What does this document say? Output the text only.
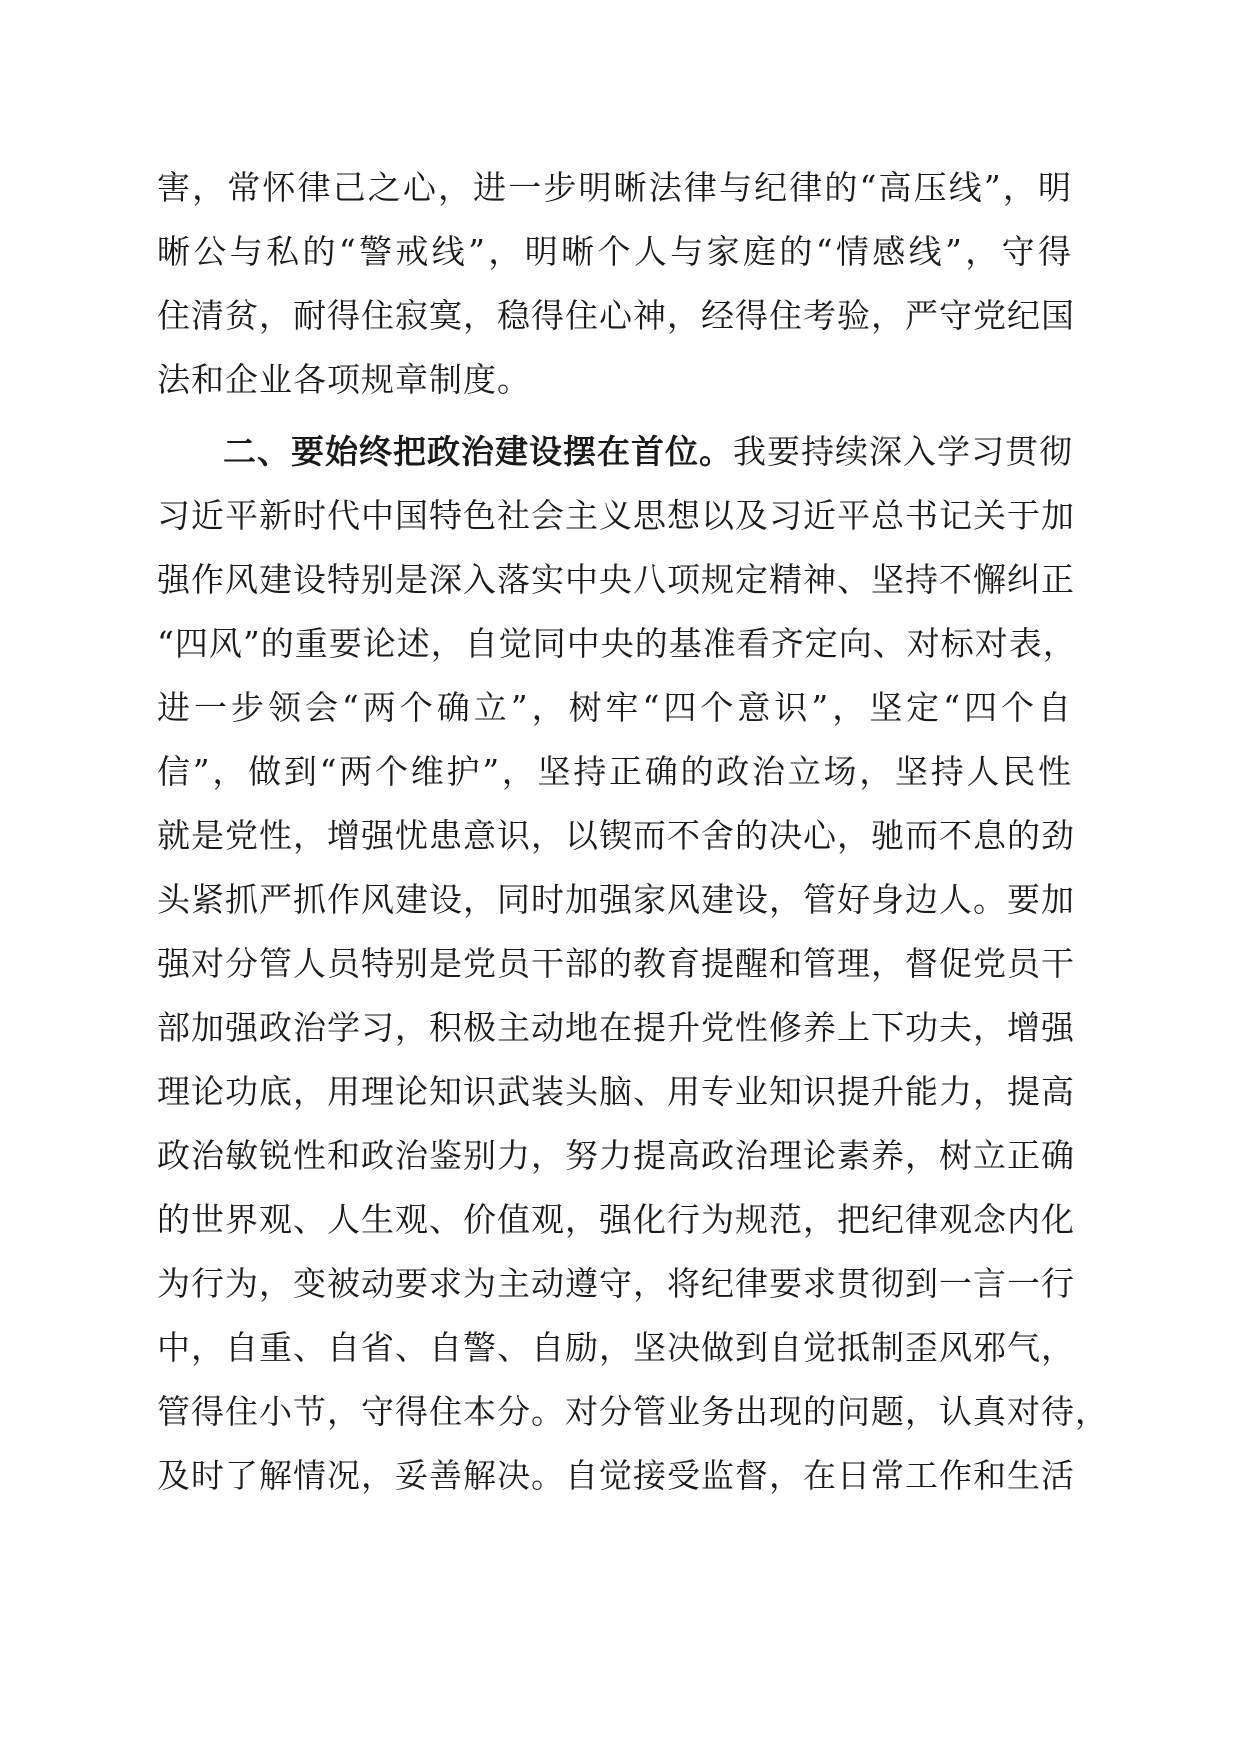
害，常怀律己之心，进一步明晰法律与纪律的“高压线”，明
晰公与私的“警戒线”，明晰个人与家庭的“情感线”，守得
住清贫，耐得住寂寞，稳得住心神，经得住考验，严守党纪国
法和企业各项规章制度。
二、要始终把政治建设摆在首位。我要持续深入学习贯彻
习近平新时代中国特色社会主义思想以及习近平总书记关于加
强作风建设特别是深入落实中央八项规定精神、坚持不懈纠正
“四风”的重要论述，自觉同中央的基准看齐定向、对标对表，
进一步领会“两个确立”，树牢“四个意识”，坚定“四个自
信”，做到“两个维护”，坚持正确的政治立场，坚持人民性
就是党性，增强忧患意识，以锲而不舍的决心，驰而不息的劲
头紧抓严抓作风建设，同时加强家风建设，管好身边人。要加
强对分管人员特别是党员干部的教育提醒和管理，督促党员干
部加强政治学习，积极主动地在提升党性修养上下功夫，增强
理论功底，用理论知识武装头脑、用专业知识提升能力，提高
政治敏锐性和政治鉴别力，努力提高政治理论素养，树立正确
的世界观、人生观、价值观，强化行为规范，把纪律观念内化
为行为，变被动要求为主动遵守，将纪律要求贯彻到一言一行
中，自重、自省、自警、自励，坚决做到自觉抵制歪风邪气，
管得住小节，守得住本分。对分管业务出现的问题，认真对待，
及时了解情况，妥善解决。自觉接受监督，在日常工作和生活
